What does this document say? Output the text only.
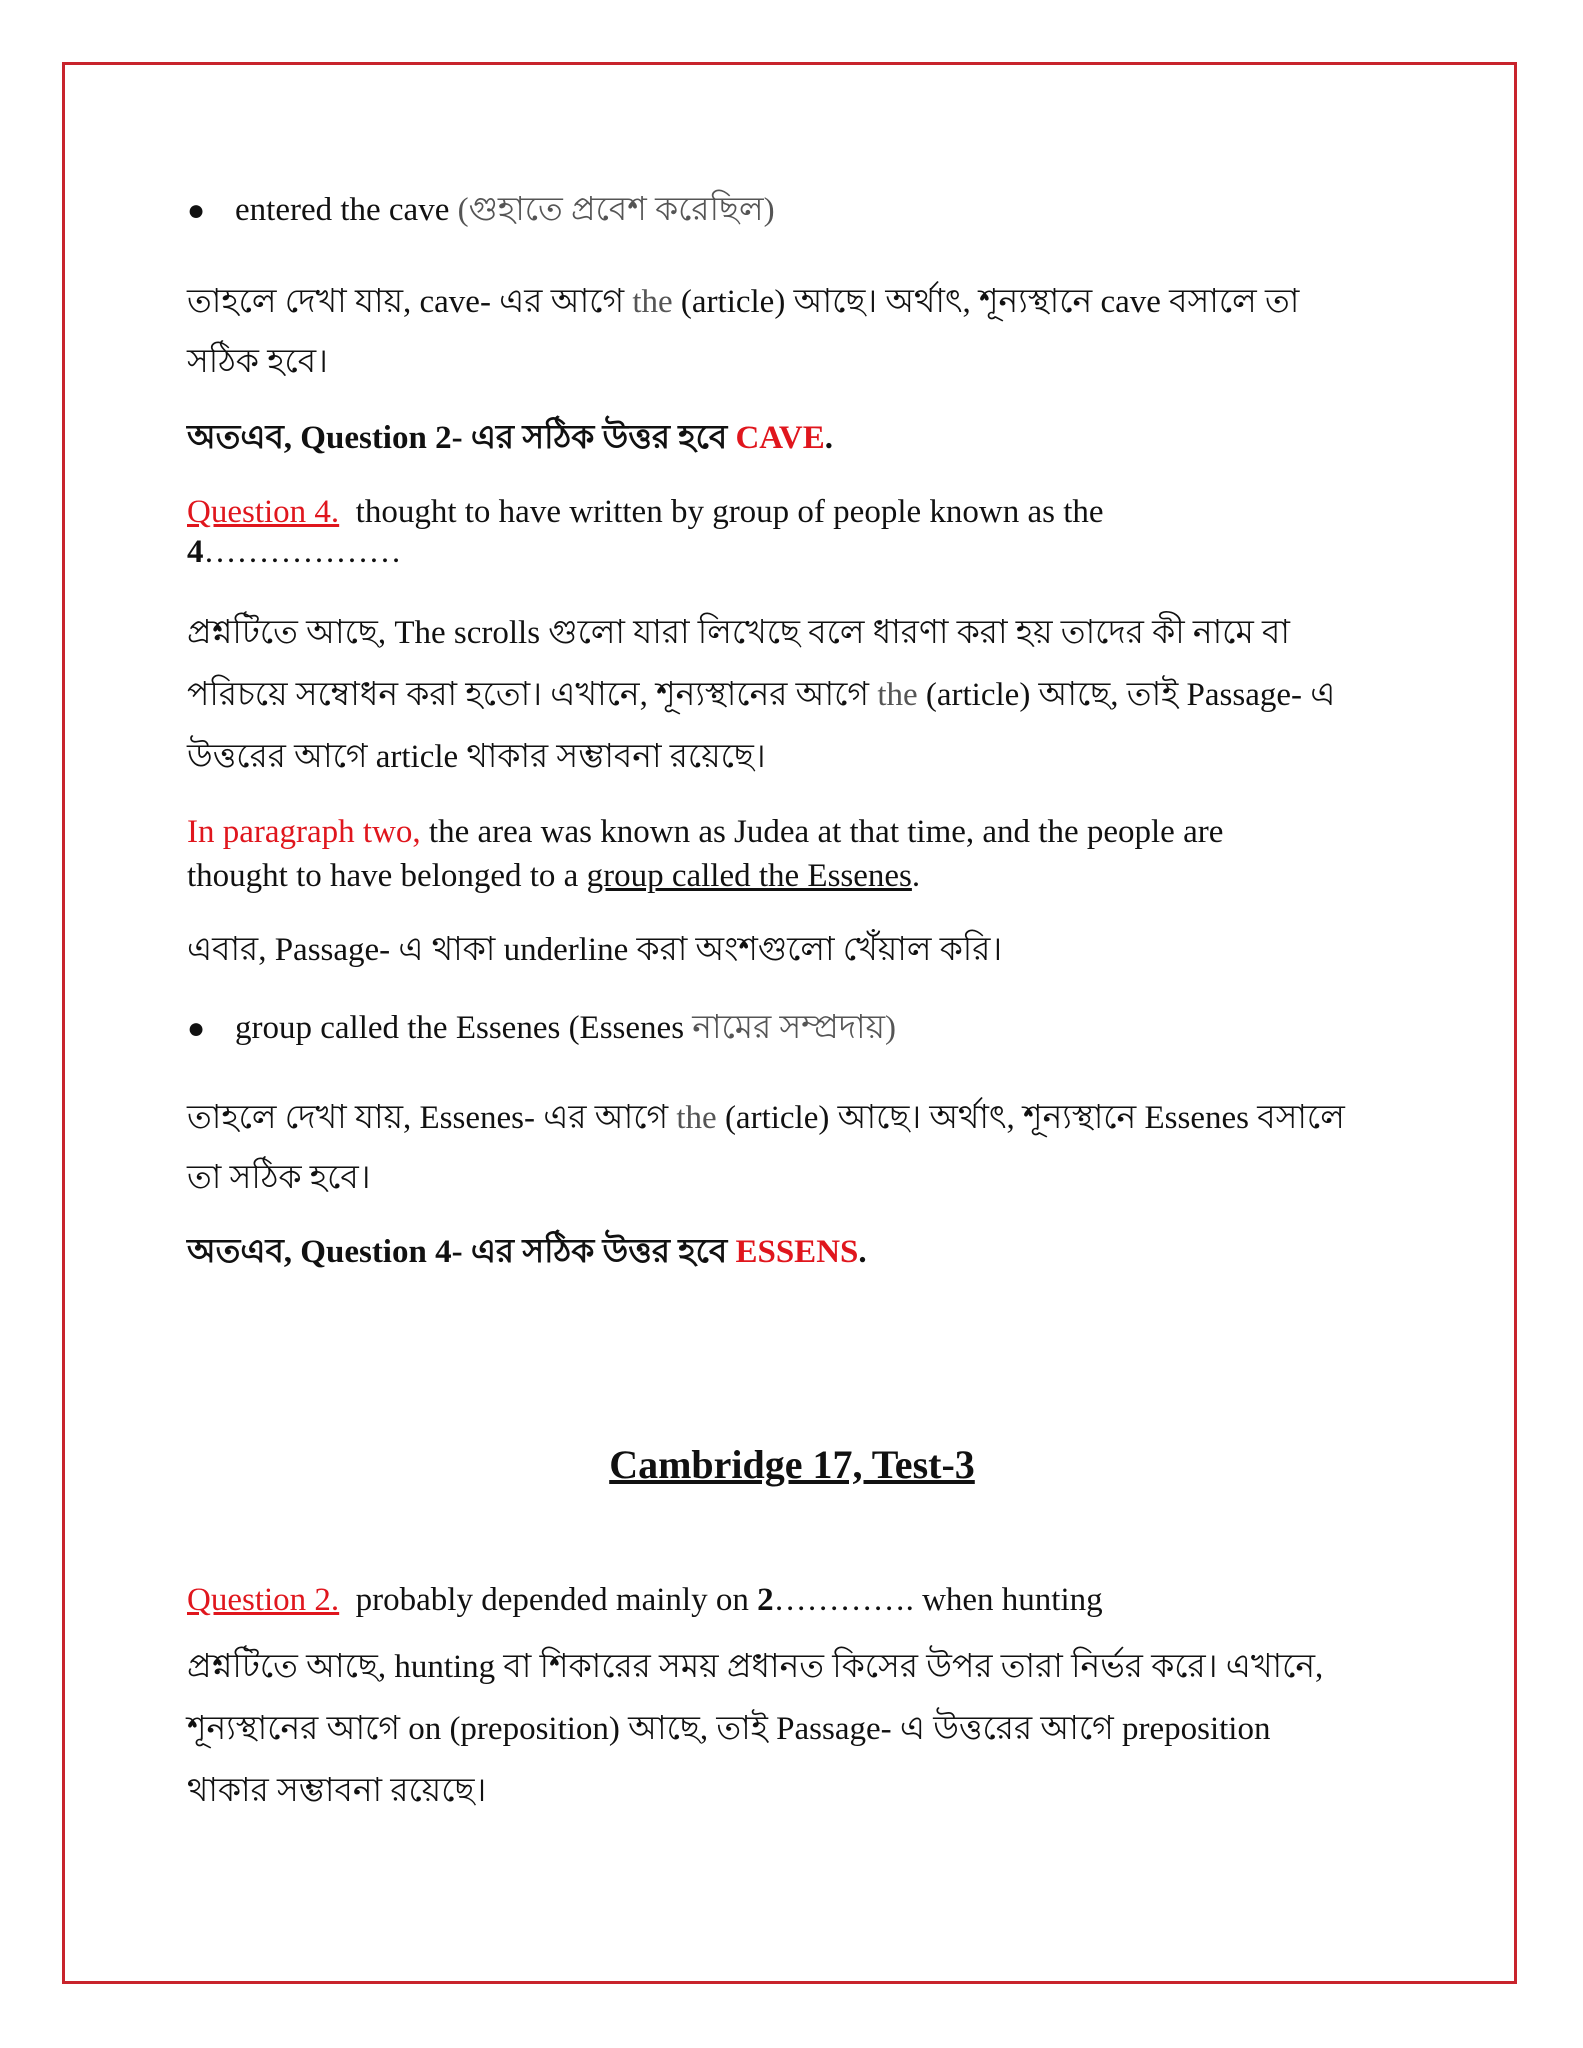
● entered the cave (গুহাতে প্রবেশ করেছিল)

তাহলে দেখা যায়, cave- এর আগে the (article) আছে। অর্থাৎ, শূন্যস্থানে cave বসালে তা

সঠিক হবে।

অতএব, Question 2- এর সঠিক উত্তর হবে CAVE.

Question 4. thought to have written by group of people known as the

4………………

প্রশ্নটিতে আছে, The scrolls গুলো যারা লিখেছে বলে ধারণা করা হয় তাদের কী নামে বা

পরিচয়ে সম্বোধন করা হতো। এখানে, শূন্যস্থানের আগে the (article) আছে, তাই Passage- এ

উত্তরের আগে article থাকার সম্ভাবনা রয়েছে।

In paragraph two, the area was known as Judea at that time, and the people are

thought to have belonged to a group called the Essenes.

এবার, Passage- এ থাকা underline করা অংশগুলো খেঁয়াল করি।

● group called the Essenes (Essenes নামের সম্প্রদায়)

তাহলে দেখা যায়, Essenes- এর আগে the (article) আছে। অর্থাৎ, শূন্যস্থানে Essenes বসালে

তা সঠিক হবে।

অতএব, Question 4- এর সঠিক উত্তর হবে ESSENS.

Cambridge 17, Test-3

Question 2. probably depended mainly on 2…………. when hunting

প্রশ্নটিতে আছে, hunting বা শিকারের সময় প্রধানত কিসের উপর তারা নির্ভর করে। এখানে,

শূন্যস্থানের আগে on (preposition) আছে, তাই Passage- এ উত্তরের আগে preposition

থাকার সম্ভাবনা রয়েছে।
